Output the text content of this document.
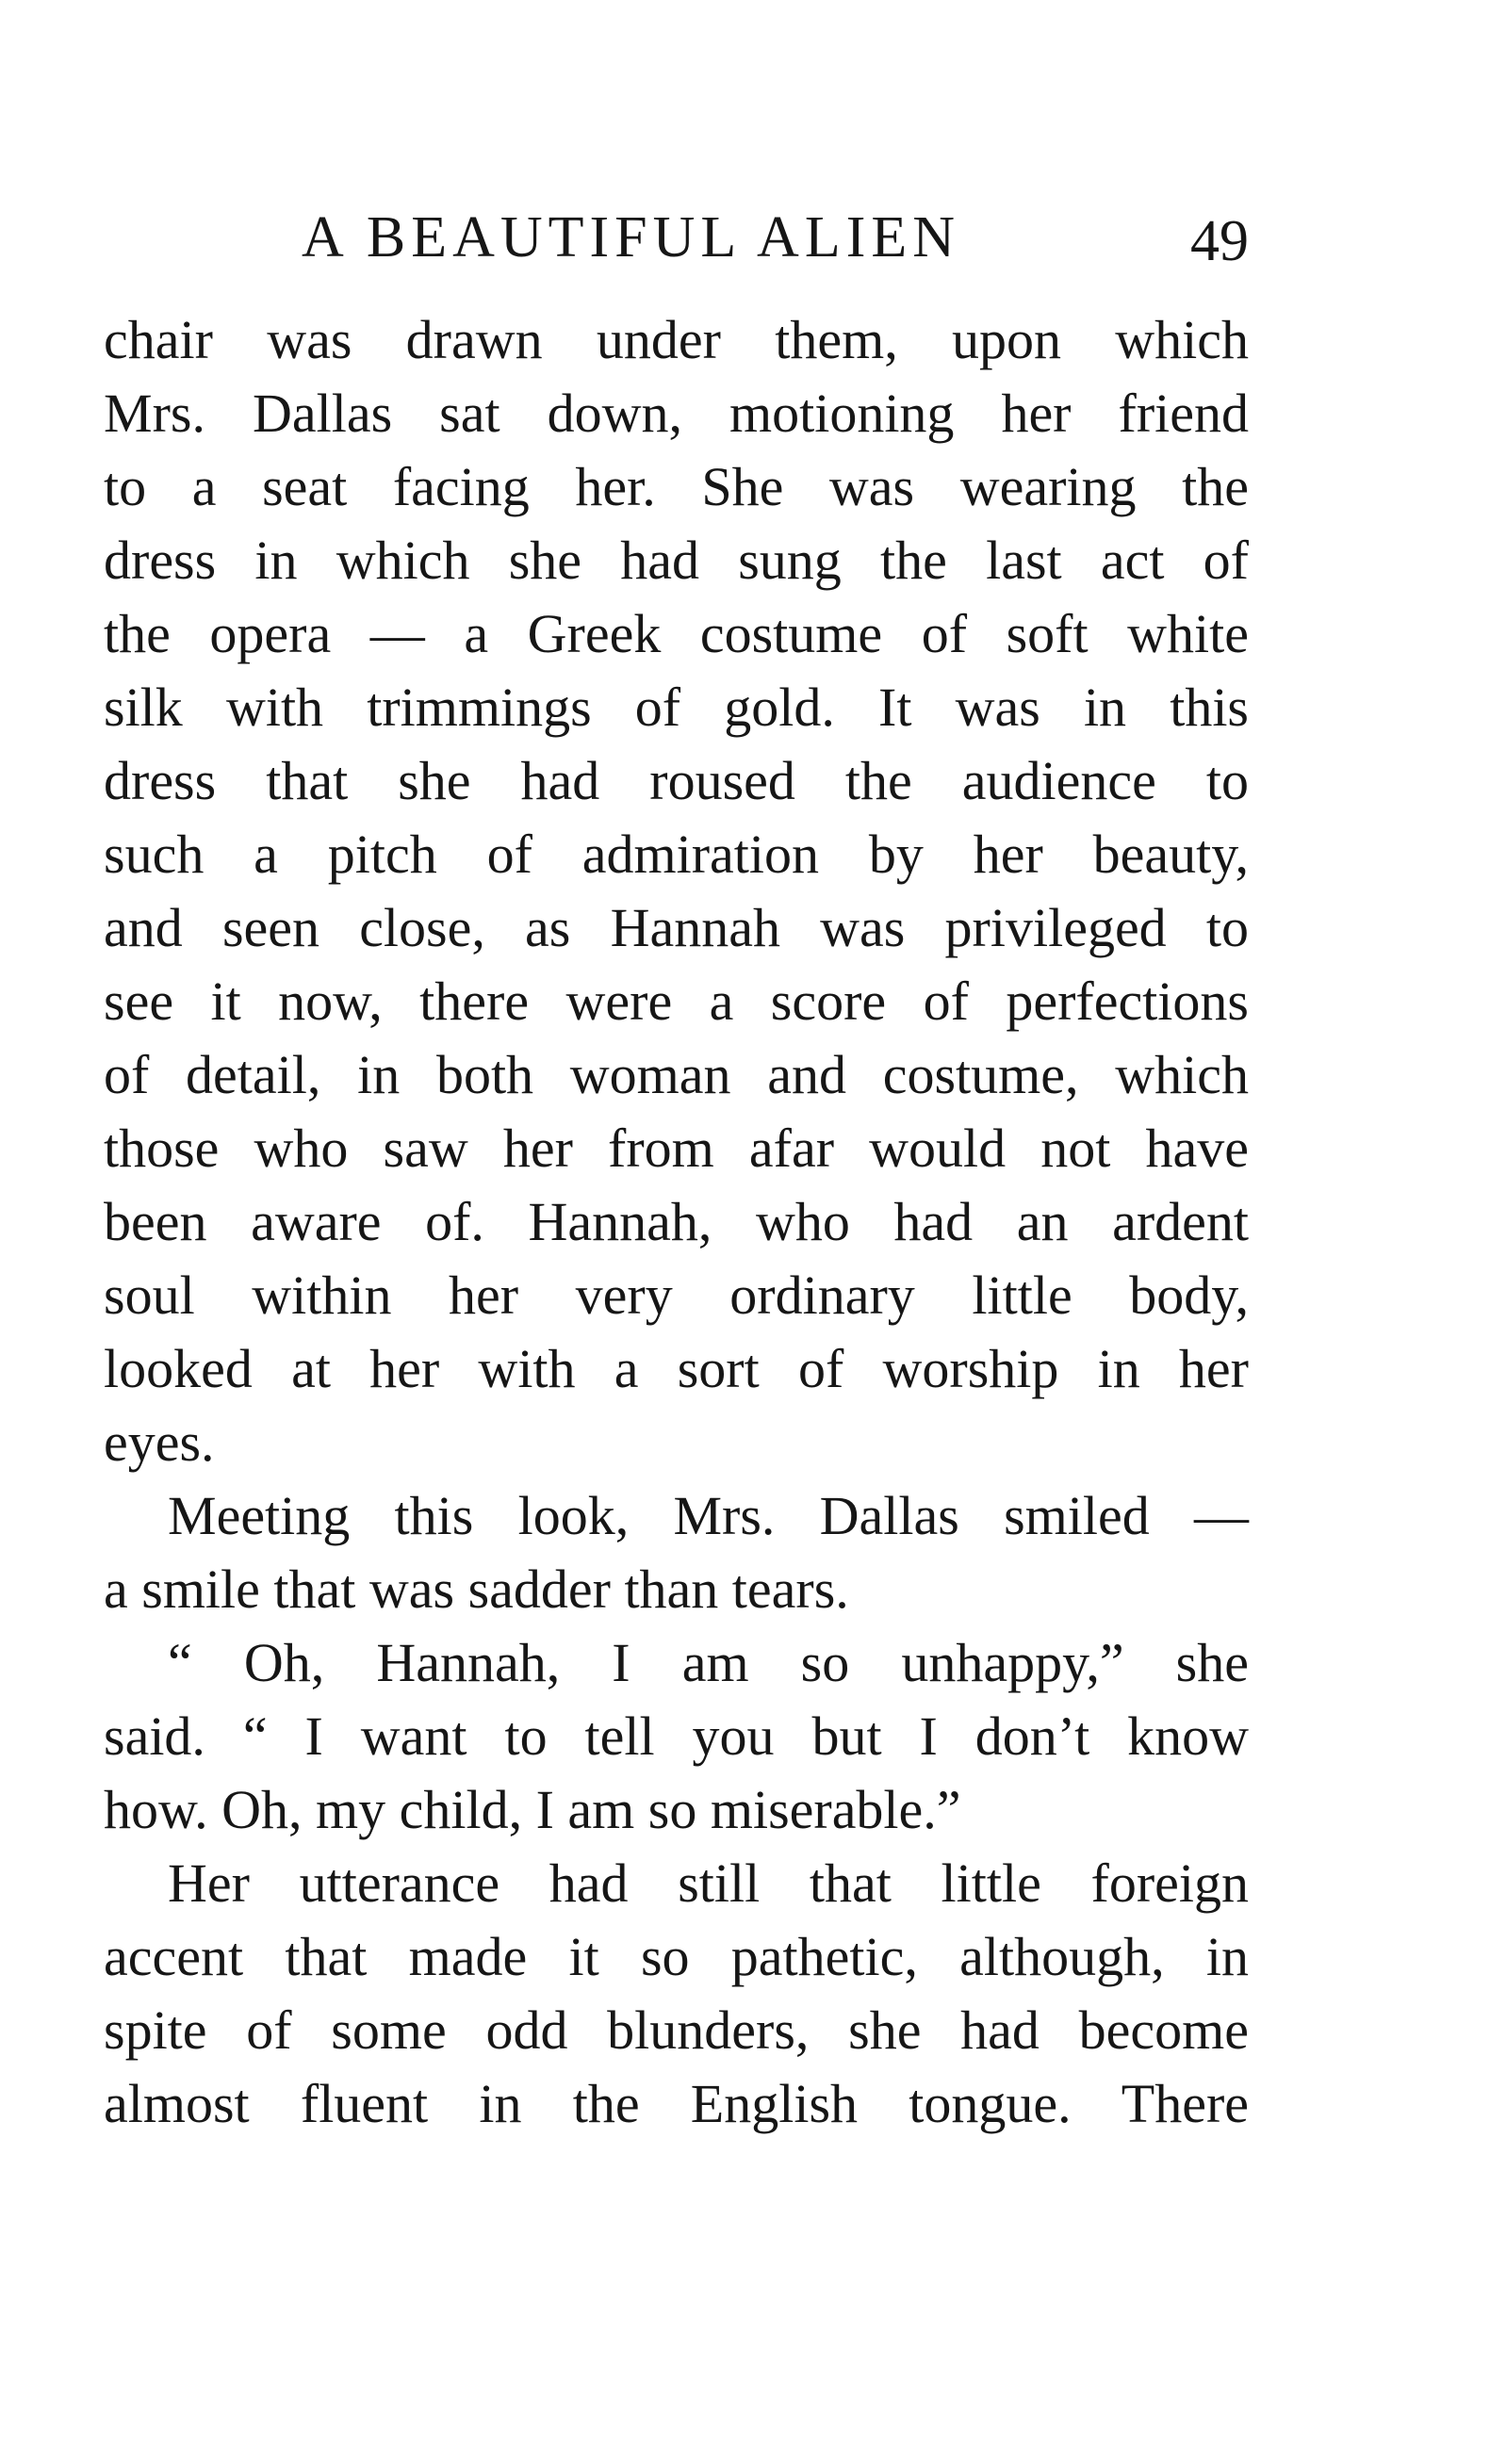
A BEAUTIFUL ALIEN	49
chair was drawn under them, upon which
Mrs. Dallas sat down, motioning her friend
to a seat facing her. She was wearing the
dress in which she had sung the last act of
the opera — a Greek costume of soft white
silk with trimmings of gold. It was in this
dress that she had roused the audience to
such a pitch of admiration by her beauty,
and seen close, as Hannah was privileged to
see it now, there were a score of perfections
of detail, in both woman and costume, which
those who saw her from afar would not have
been aware of. Hannah, who had an ardent
soul within her very ordinary little body,
looked at her with a sort of worship in her
eyes.
Meeting this look, Mrs. Dallas smiled —
a smile that was sadder than tears.
“ Oh, Hannah, I am so unhappy,” she
said. “ I want to tell you but I don’t know
how. Oh, my child, I am so miserable.”
Her utterance had still that little foreign
accent that made it so pathetic, although, in
spite of some odd blunders, she had become
almost fluent in the English tongue. There
